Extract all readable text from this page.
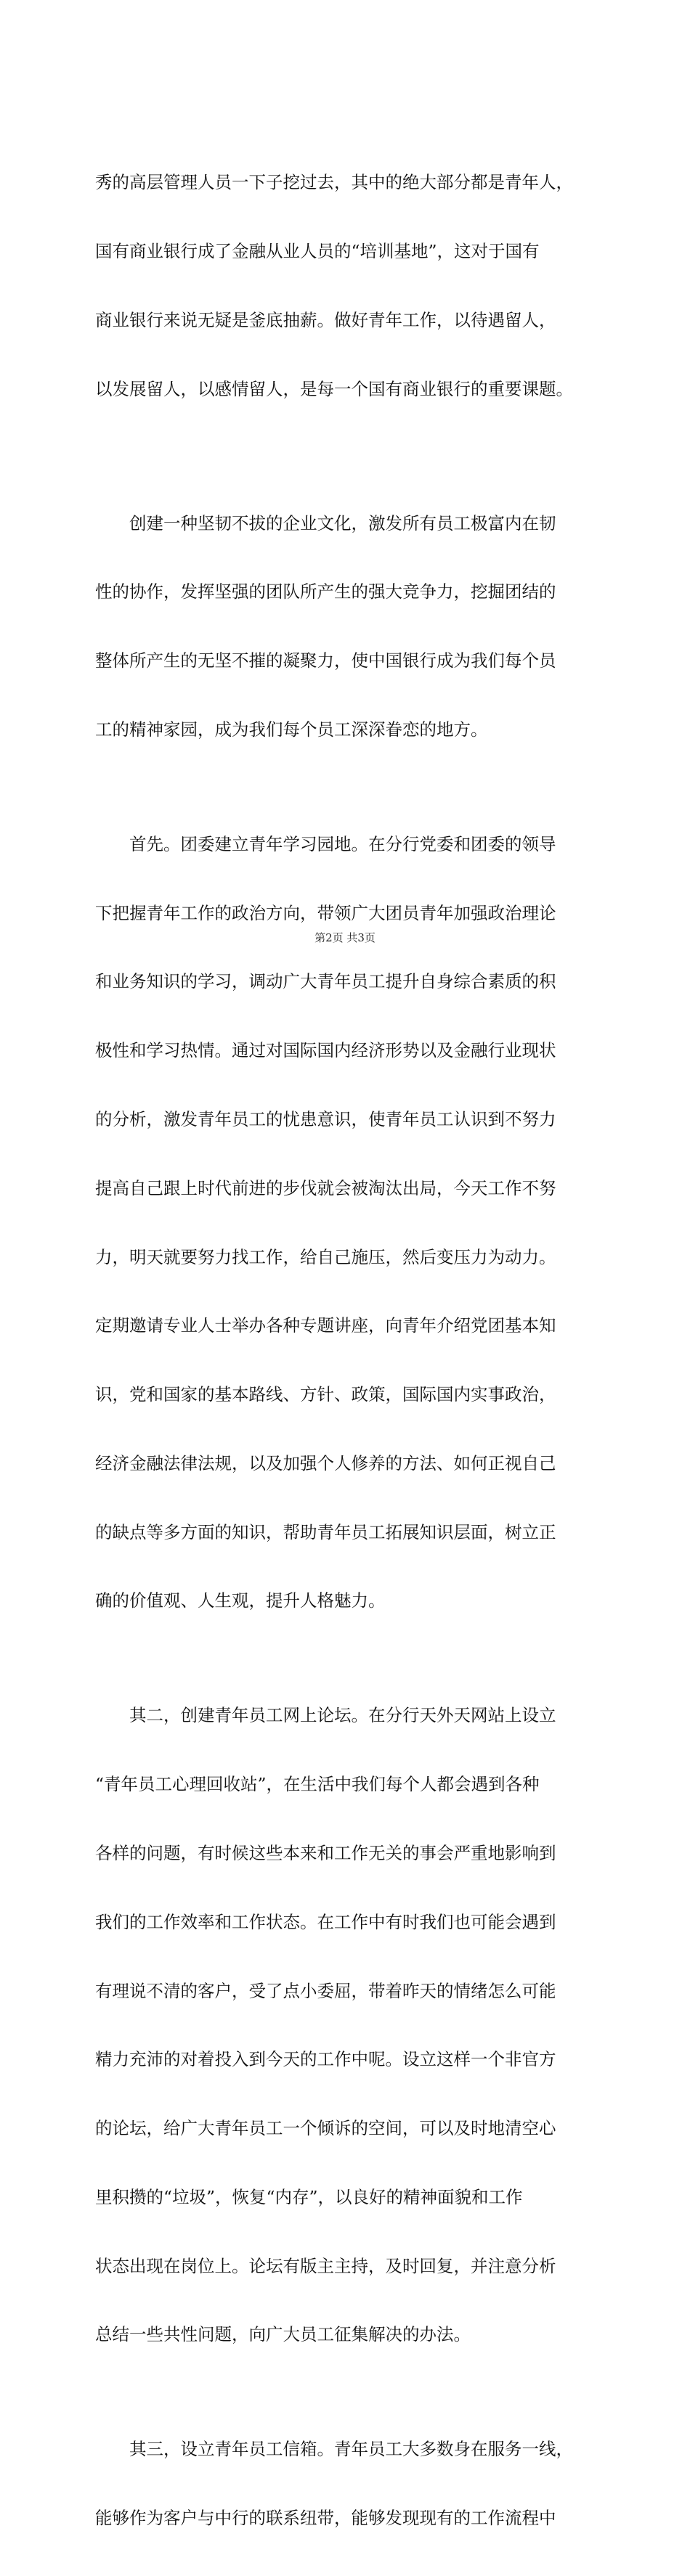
秀的高层管理人员一下子挖过去，其中的绝大部分都是青年人，

国有商业银行成了金融从业人员的“培训基地”，这对于国有

商业银行来说无疑是釜底抽薪。做好青年工作，以待遇留人，

以发展留人，以感情留人，是每一个国有商业银行的重要课题。

　　创建一种坚韧不拔的企业文化，激发所有员工极富内在韧

性的协作，发挥坚强的团队所产生的强大竞争力，挖掘团结的

整体所产生的无坚不摧的凝聚力，使中国银行成为我们每个员

工的精神家园，成为我们每个员工深深眷恋的地方。

　　首先。团委建立青年学习园地。在分行党委和团委的领导

下把握青年工作的政治方向，带领广大团员青年加强政治理论

和业务知识的学习，调动广大青年员工提升自身综合素质的积

极性和学习热情。通过对国际国内经济形势以及金融行业现状

的分析，激发青年员工的忧患意识，使青年员工认识到不努力

提高自己跟上时代前进的步伐就会被淘汰出局，今天工作不努

力，明天就要努力找工作，给自己施压，然后变压力为动力。

定期邀请专业人士举办各种专题讲座，向青年介绍党团基本知

识，党和国家的基本路线、方针、政策，国际国内实事政治，

经济金融法律法规，以及加强个人修养的方法、如何正视自己

的缺点等多方面的知识，帮助青年员工拓展知识层面，树立正

确的价值观、人生观，提升人格魅力。

　　其二，创建青年员工网上论坛。在分行天外天网站上设立

“青年员工心理回收站”，在生活中我们每个人都会遇到各种

各样的问题，有时候这些本来和工作无关的事会严重地影响到

我们的工作效率和工作状态。在工作中有时我们也可能会遇到

有理说不清的客户，受了点小委屈，带着昨天的情绪怎么可能

精力充沛的对着投入到今天的工作中呢。设立这样一个非官方

的论坛，给广大青年员工一个倾诉的空间，可以及时地清空心

里积攒的“垃圾”，恢复“内存”，以良好的精神面貌和工作

状态出现在岗位上。论坛有版主主持，及时回复，并注意分析

总结一些共性问题，向广大员工征集解决的办法。

　　其三，设立青年员工信箱。青年员工大多数身在服务一线，

能够作为客户与中行的联系纽带，能够发现现有的工作流程中

第2页 共3页
